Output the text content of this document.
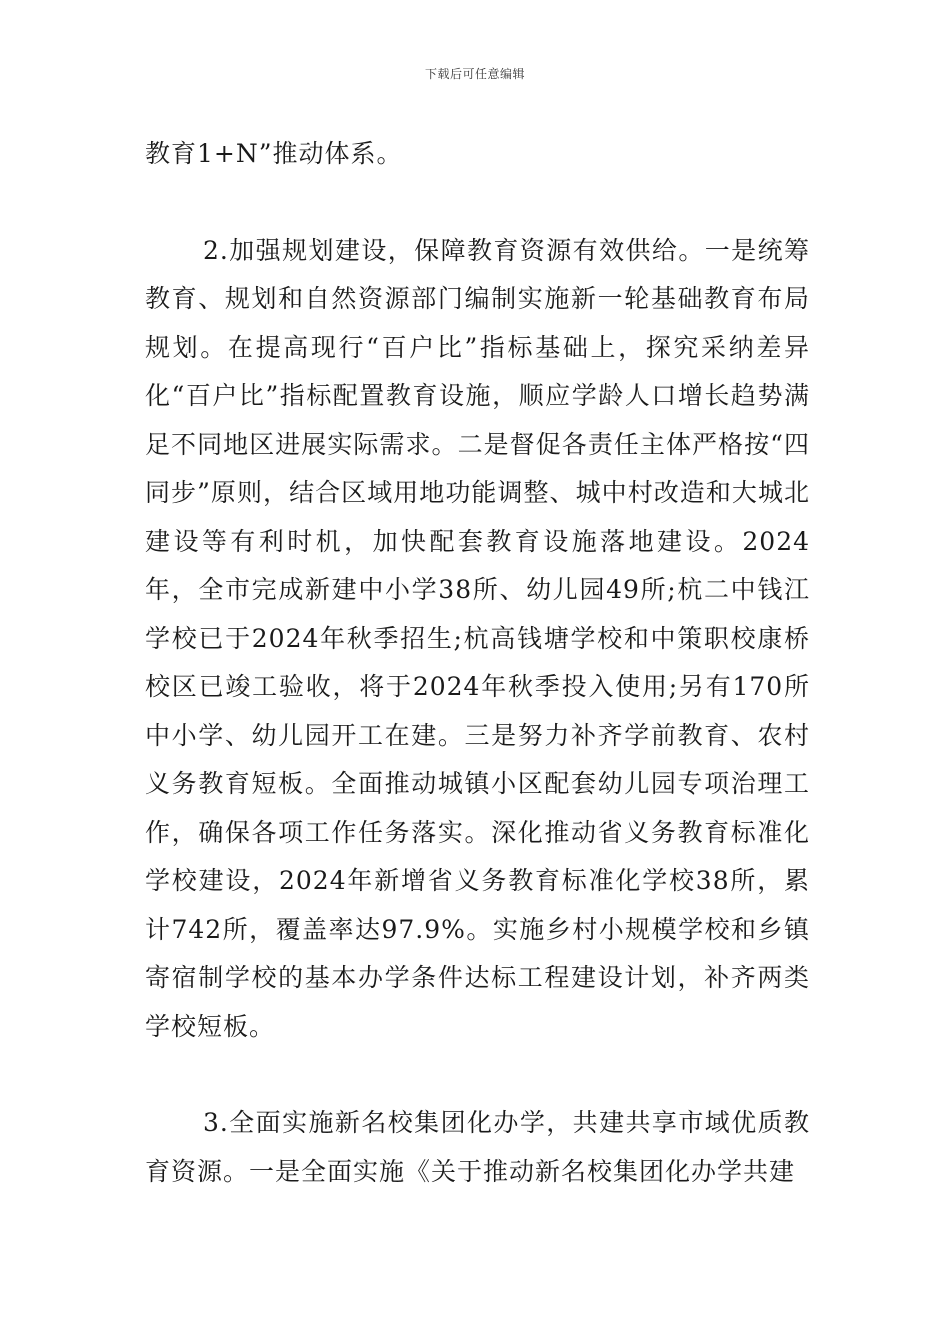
下载后可任意编辑

教育1+N”推动体系。

2.加强规划建设，保障教育资源有效供给。一是统筹教育、规划和自然资源部门编制实施新一轮基础教育布局规划。在提高现行“百户比”指标基础上，探究采纳差异化“百户比”指标配置教育设施，顺应学龄人口增长趋势满足不同地区进展实际需求。二是督促各责任主体严格按“四同步”原则，结合区域用地功能调整、城中村改造和大城北建设等有利时机，加快配套教育设施落地建设。2024年，全市完成新建中小学38所、幼儿园49所;杭二中钱江学校已于2024年秋季招生;杭高钱塘学校和中策职校康桥校区已竣工验收，将于2024年秋季投入使用;另有170所中小学、幼儿园开工在建。三是努力补齐学前教育、农村义务教育短板。全面推动城镇小区配套幼儿园专项治理工作，确保各项工作任务落实。深化推动省义务教育标准化学校建设，2024年新增省义务教育标准化学校38所，累计742所，覆盖率达97.9%。实施乡村小规模学校和乡镇寄宿制学校的基本办学条件达标工程建设计划，补齐两类学校短板。

3.全面实施新名校集团化办学，共建共享市域优质教育资源。一是全面实施《关于推动新名校集团化办学共建
